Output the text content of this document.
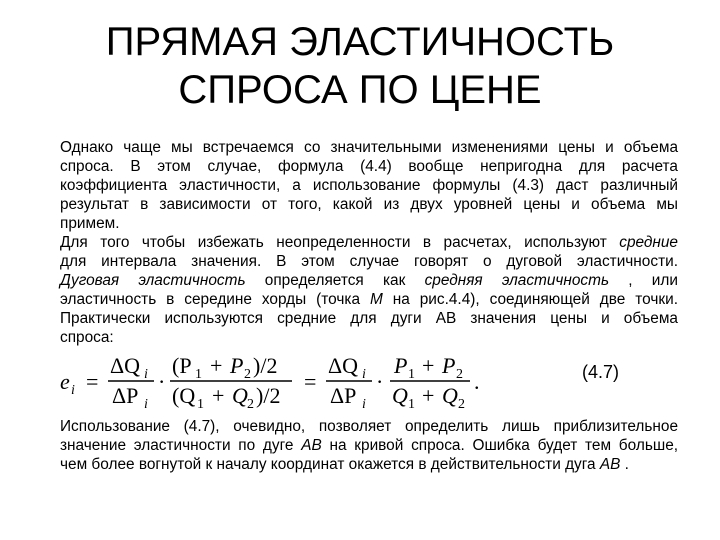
ПРЯМАЯ ЭЛАСТИЧНОСТЬ
СПРОСА ПО ЦЕНЕ
Однако чаще мы встречаемся со значительными изменениями цены и объема
спроса. В этом случае, формула (4.4) вообще непригодна для расчета
коэффициента эластичности, а использование формулы (4.3) даст различный
результат в зависимости от того, какой из двух уровней цены и объема мы
примем.
Для того чтобы избежать неопределенности в расчетах, используют средние
для интервала значения. В этом случае говорят о дуговой эластичности.
Дуговая эластичность определяется как средняя эластичность , или
эластичность в середине хорды (точка M на рис.4.4), соединяющей две точки.
Практически используются средние для дуги АВ значения цены и объема
спроса:
e i =
ΔQ i
ΔP i
·
(P 1 + P 2 )/2
(Q 1 + Q 2 )/2
=
ΔQ i
ΔP i
·
P 1 + P 2
Q 1 + Q 2
.	(4.7)
Использование (4.7), очевидно, позволяет определить лишь приблизительное
значение эластичности по дуге АВ на кривой спроса. Ошибка будет тем больше,
чем более вогнутой к началу координат окажется в действительности дуга АВ .
